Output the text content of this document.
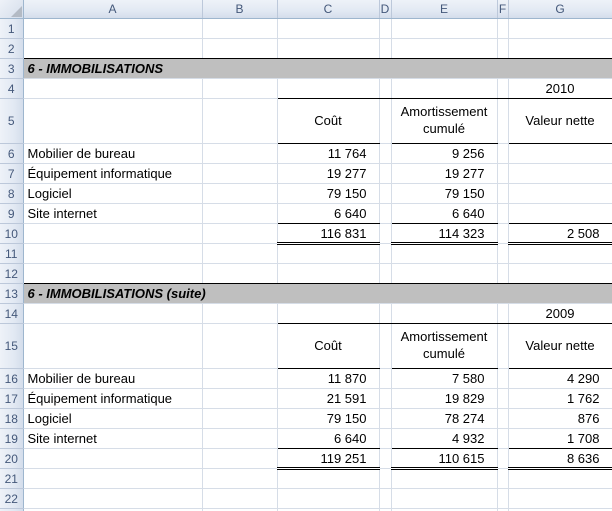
	A	B	C	D	E	F	G
1							
2							
3	6 - IMMOBILISATIONS						
4							2010
5			Coût		Amortissement cumulé		Valeur nette
6	Mobilier de bureau		11 764		9 256		
7	Équipement informatique		19 277		19 277		
8	Logiciel		79 150		79 150		
9	Site internet		6 640		6 640		
10			116 831		114 323		2 508
11							
12							
13	6 - IMMOBILISATIONS (suite)						
14							2009
15			Coût		Amortissement cumulé		Valeur nette
16	Mobilier de bureau		11 870		7 580		4 290
17	Équipement informatique		21 591		19 829		1 762
18	Logiciel		79 150		78 274		876
19	Site internet		6 640		4 932		1 708
20			119 251		110 615		8 636
21							
22							
